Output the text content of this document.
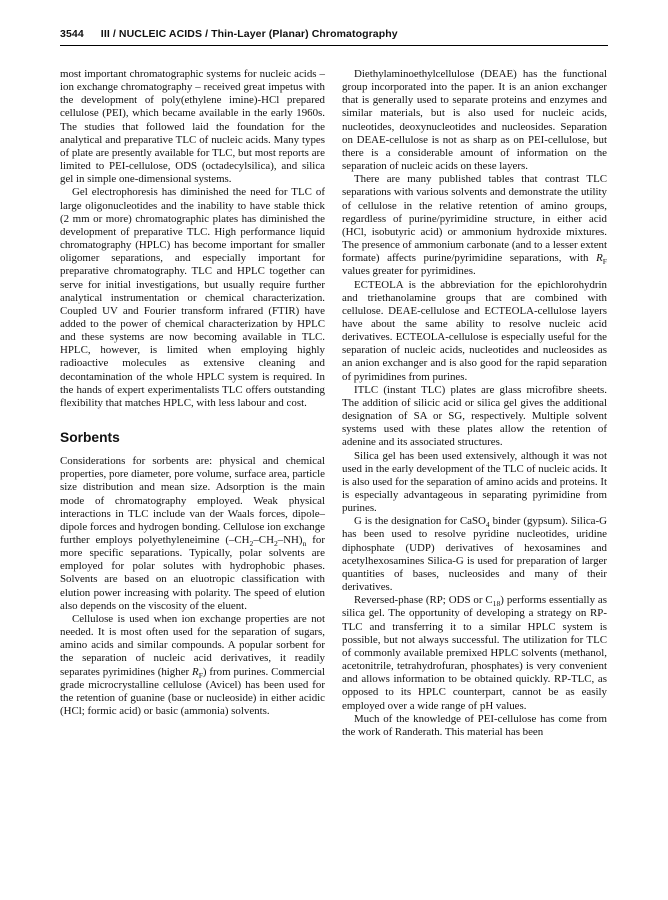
3544 III / NUCLEIC ACIDS / Thin-Layer (Planar) Chromatography

most important chromatographic systems for nucleic acids – ion exchange chromatography – received great impetus with the development of poly(ethylene imine)-HCl prepared cellulose (PEI), which became available in the early 1960s. The studies that followed laid the foundation for the analytical and preparative TLC of nucleic acids. Many types of plate are presently available for TLC, but most reports are limited to PEI-cellulose, ODS (octadecylsilica), and silica gel in simple one-dimensional systems.

Gel electrophoresis has diminished the need for TLC of large oligonucleotides and the inability to have stable thick (2 mm or more) chromatographic plates has diminished the development of preparative TLC. High performance liquid chromatography (HPLC) has become important for smaller oligomer separations, and especially important for preparative chromatography. TLC and HPLC together can serve for initial investigations, but usually require further analytical instrumentation or chemical characterization. Coupled UV and Fourier transform infrared (FTIR) have added to the power of chemical characterization by HPLC and these systems are now becoming available in TLC. HPLC, however, is limited when employing highly radioactive molecules as extensive cleaning and decontamination of the whole HPLC system is required. In the hands of expert experimentalists TLC offers outstanding flexibility that matches HPLC, with less labour and cost.

Sorbents

Considerations for sorbents are: physical and chemical properties, pore diameter, pore volume, surface area, particle size distribution and mean size. Adsorption is the main mode of chromatography employed. Weak physical interactions in TLC include van der Waals forces, dipole–dipole forces and hydrogen bonding. Cellulose ion exchange further employs polyethyleneimine $(-CH_2-CH_2-NH)_n$ for more specific separations. Typically, polar solvents are employed for polar solutes with hydrophobic phases. Solvents are based on an eluotropic classification with elution power increasing with polarity. The speed of elution also depends on the viscosity of the eluent.

Cellulose is used when ion exchange properties are not needed. It is most often used for the separation of sugars, amino acids and similar compounds. A popular sorbent for the separation of nucleic acid derivatives, it readily separates pyrimidines (higher $R_F$) from purines. Commercial grade microcrystalline cellulose (Avicel) has been used for the retention of guanine (base or nucleoside) in either acidic (HCl; formic acid) or basic (ammonia) solvents.

Diethylaminoethylcellulose (DEAE) has the functional group incorporated into the paper. It is an anion exchanger that is generally used to separate proteins and enzymes and similar materials, but is also used for nucleic acids, nucleotides, deoxynucleotides and nucleosides. Separation on DEAE-cellulose is not as sharp as on PEI-cellulose, but there is a considerable amount of information on the separation of nucleic acids on these layers.

There are many published tables that contrast TLC separations with various solvents and demonstrate the utility of cellulose in the relative retention of amino groups, regardless of purine/pyrimidine structure, in either acid (HCl, isobutyric acid) or ammonium hydroxide mixtures. The presence of ammonium carbonate (and to a lesser extent formate) affects purine/pyrimidine separations, with $R_F$ values greater for pyrimidines.

ECTEOLA is the abbreviation for the epichlorohydrin and triethanolamine groups that are combined with cellulose. DEAE-cellulose and ECTEOLA-cellulose layers have about the same ability to resolve nucleic acid derivatives. ECTEOLA-cellulose is especially useful for the separation of nucleic acids, nucleotides and nucleosides as an anion exchanger and is also good for the rapid separation of pyrimidines from purines.

ITLC (instant TLC) plates are glass microfibre sheets. The addition of silicic acid or silica gel gives the additional designation of SA or SG, respectively. Multiple solvent systems used with these plates allow the retention of adenine and its associated structures.

Silica gel has been used extensively, although it was not used in the early development of the TLC of nucleic acids. It is also used for the separation of amino acids and proteins. It is especially advantageous in separating pyrimidine from purines.

G is the designation for CaSO$_4$ binder (gypsum). Silica-G has been used to resolve pyridine nucleotides, uridine diphosphate (UDP) derivatives of hexosamines and acetylhexosamines Silica-G is used for preparation of larger quantities of bases, nucleosides and many of their derivatives.

Reversed-phase (RP; ODS or $C_{18}$) performs essentially as silica gel. The opportunity of developing a strategy on RP-TLC and transferring it to a similar HPLC system is possible, but not always successful. The utilization for TLC of commonly available premixed HPLC solvents (methanol, acetonitrile, tetrahydrofuran, phosphates) is very convenient and allows information to be obtained quickly. RP-TLC, as opposed to its HPLC counterpart, cannot be as easily employed over a wide range of pH values.

Much of the knowledge of PEI-cellulose has come from the work of Randerath. This material has been
